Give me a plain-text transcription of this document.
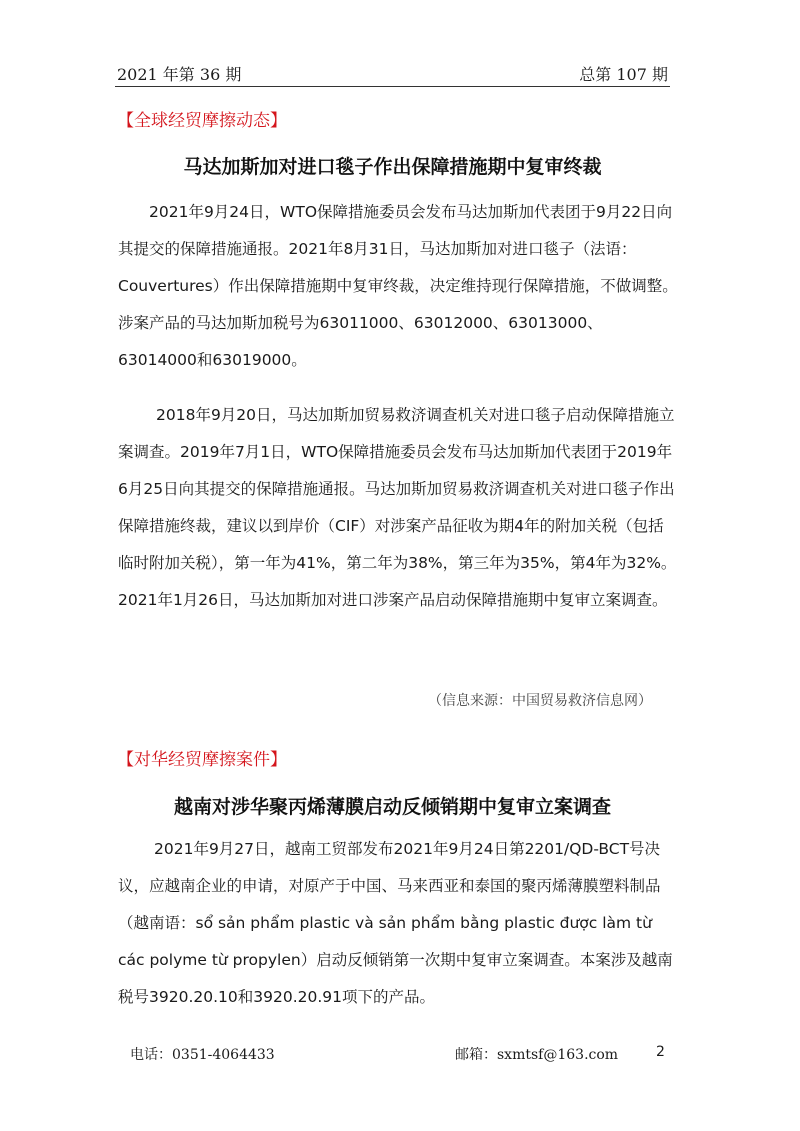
2021 年第 36 期	总第 107 期
【全球经贸摩擦动态】
马达加斯加对进口毯子作出保障措施期中复审终裁

2021年9月24日，WTO保障措施委员会发布马达加斯加代表团于9月22日向其提交的保障措施通报。2021年8月31日，马达加斯加对进口毯子（法语：Couvertures）作出保障措施期中复审终裁，决定维持现行保障措施，不做调整。涉案产品的马达加斯加税号为63011000、63012000、63013000、63014000和63019000。

2018年9月20日，马达加斯加贸易救济调查机关对进口毯子启动保障措施立案调查。2019年7月1日，WTO保障措施委员会发布马达加斯加代表团于2019年6月25日向其提交的保障措施通报。马达加斯加贸易救济调查机关对进口毯子作出保障措施终裁，建议以到岸价（CIF）对涉案产品征收为期4年的附加关税（包括临时附加关税），第一年为41%，第二年为38%，第三年为35%，第4年为32%。2021年1月26日，马达加斯加对进口涉案产品启动保障措施期中复审立案调查。

（信息来源：中国贸易救济信息网）
【对华经贸摩擦案件】
越南对涉华聚丙烯薄膜启动反倾销期中复审立案调查

2021年9月27日，越南工贸部发布2021年9月24日第2201/QD-BCT号决议，应越南企业的申请，对原产于中国、马来西亚和泰国的聚丙烯薄膜塑料制品（越南语：sổ sản phẩm plastic và sản phẩm bằng plastic được làm từ các polyme từ propylen）启动反倾销第一次期中复审立案调查。本案涉及越南税号3920.20.10和3920.20.91项下的产品。

电话：0351-4064433	邮箱：sxmtsf@163.com	2
